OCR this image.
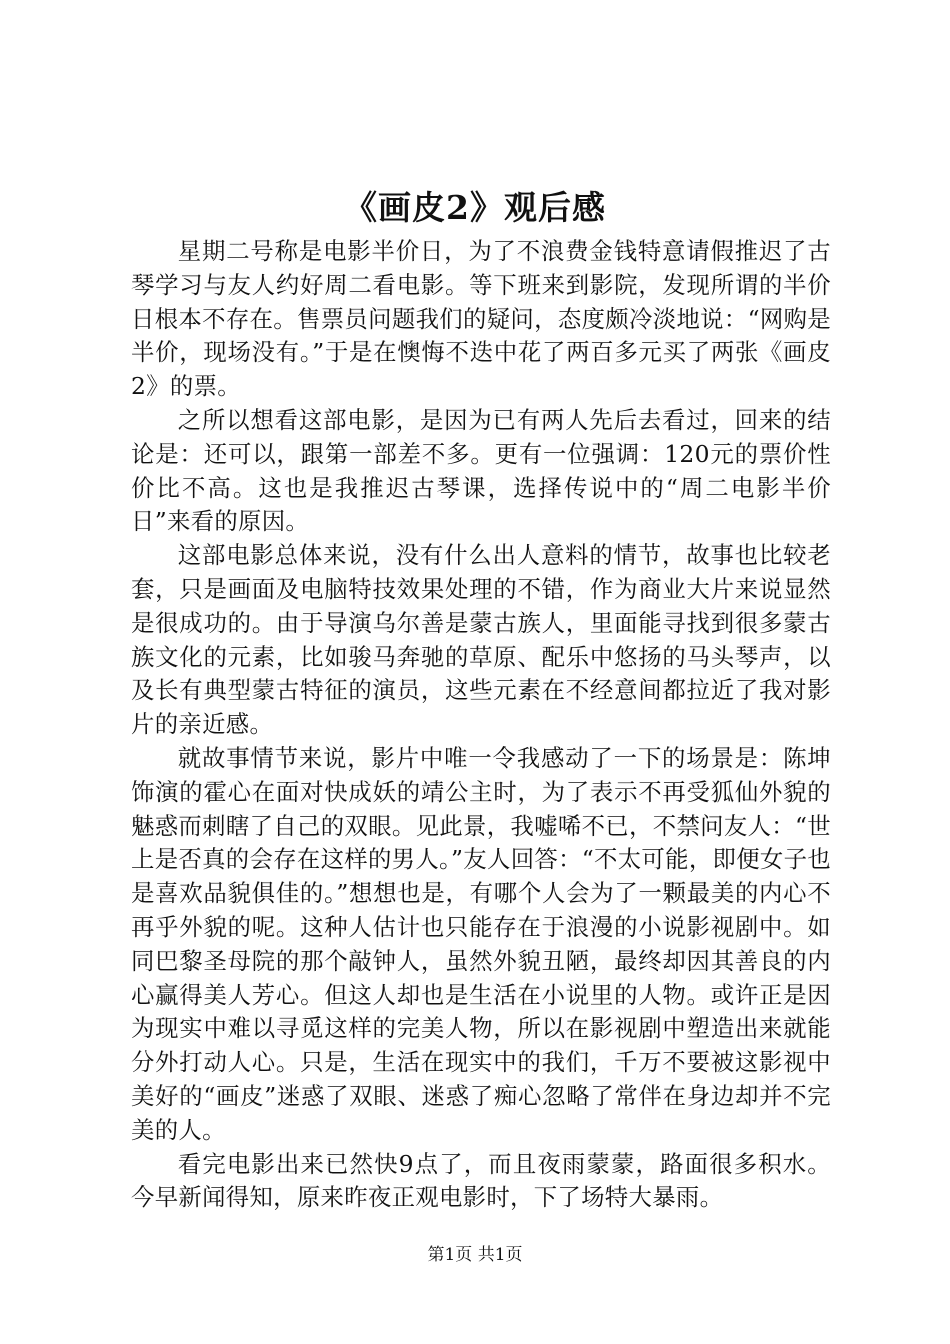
《画皮2》观后感

星期二号称是电影半价日，为了不浪费金钱特意请假推迟了古琴学习与友人约好周二看电影。等下班来到影院，发现所谓的半价日根本不存在。售票员问题我们的疑问，态度颇冷淡地说：“网购是半价，现场没有。”于是在懊悔不迭中花了两百多元买了两张《画皮2》的票。

之所以想看这部电影，是因为已有两人先后去看过，回来的结论是：还可以，跟第一部差不多。更有一位强调：120元的票价性价比不高。这也是我推迟古琴课，选择传说中的“周二电影半价日”来看的原因。

这部电影总体来说，没有什么出人意料的情节，故事也比较老套，只是画面及电脑特技效果处理的不错，作为商业大片来说显然是很成功的。由于导演乌尔善是蒙古族人，里面能寻找到很多蒙古族文化的元素，比如骏马奔驰的草原、配乐中悠扬的马头琴声，以及长有典型蒙古特征的演员，这些元素在不经意间都拉近了我对影片的亲近感。

就故事情节来说，影片中唯一令我感动了一下的场景是：陈坤饰演的霍心在面对快成妖的靖公主时，为了表示不再受狐仙外貌的魅惑而刺瞎了自己的双眼。见此景，我嘘唏不已，不禁问友人：“世上是否真的会存在这样的男人。”友人回答：“不太可能，即便女子也是喜欢品貌俱佳的。”想想也是，有哪个人会为了一颗最美的内心不再乎外貌的呢。这种人估计也只能存在于浪漫的小说影视剧中。如同巴黎圣母院的那个敲钟人，虽然外貌丑陋，最终却因其善良的内心赢得美人芳心。但这人却也是生活在小说里的人物。或许正是因为现实中难以寻觅这样的完美人物，所以在影视剧中塑造出来就能分外打动人心。只是，生活在现实中的我们，千万不要被这影视中美好的“画皮”迷惑了双眼、迷惑了痴心忽略了常伴在身边却并不完美的人。

看完电影出来已然快9点了，而且夜雨蒙蒙，路面很多积水。今早新闻得知，原来昨夜正观电影时，下了场特大暴雨。

第1页 共1页
